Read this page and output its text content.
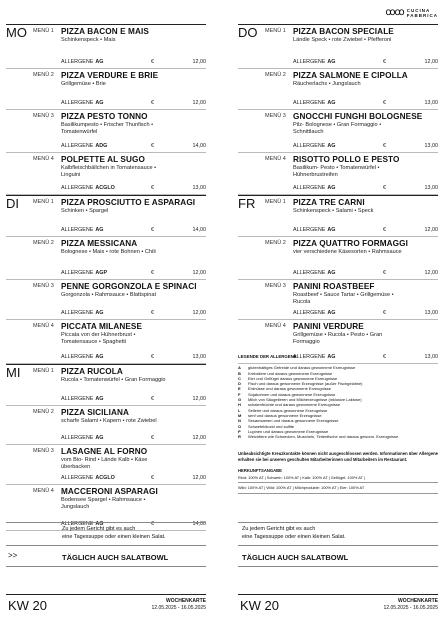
ꝏꝏ CUCINA
FABBRICA
MO MENÜ 1 PIZZA BACON E MAIS
Schinkenspeck • Mais
ALLERGENE AG	€	12,00
MENÜ 2 PIZZA VERDURE E BRIE
Grillgemüse • Brie
ALLERGENE AG	€	12,00
MENÜ 3 PIZZA PESTO TONNO
Basilikumpesto • Frischer Thunfisch • Tomatenwürfel
ALLERGENE ADG	€	14,00
MENÜ 4 POLPETTE AL SUGO
Kalbfleischbällchen in Tomatensauce • Linguini
ALLERGENE ACGLO	€	13,00
DI	MENÜ 1 PIZZA PROSCIUTTO E ASPARAGI
Schinken • Spargel
ALLERGENE AG	€	14,00
MENÜ 2 PIZZA MESSICANA
Bolognese • Mais • rote Bohnen • Chili
ALLERGENE AGP	€	12,00
MENÜ 3 PENNE GORGONZOLA E SPINACI
Gorgonzola • Rahmsauce • Blattspinat
ALLERGENE AG	€	12,00
MENÜ 4 PICCATA MILANESE
Piccata von der Hühnerbrust • Tomatensauce • Spaghetti
ALLERGENE AG	€	13,00
MI MENÜ 1 PIZZA RUCOLA
Rucola • Tomatenwürfel • Gran Formaggio
ALLERGENE AG	€	12,00
MENÜ 2 PIZZA SICILIANA
scharfe Salami • Kapern • rote Zwiebel
ALLERGENE AG	€	12,00
MENÜ 3 LASAGNE AL FORNO
vom Bio- Rind • Lände Kalb • Käse überbacken
ALLERGENE ACGLO	€	12,00
MENÜ 4 MACCERONI ASPARAGI
Bodensee Spargel • Rahmsauce • Jungslauch
ALLERGENE AG	€	14,00
DO MENÜ 1 PIZZA BACON SPECIALE
Ländle Speck • rote Zwiebel • Pfefferoni
ALLERGENE AG	€	12,00
MENÜ 2 PIZZA SALMONE E CIPOLLA
Räucherlachs • Jungslauch
ALLERGENE AG	€	13,00
MENÜ 3 GNOCCHI FUNGHI BOLOGNESE
Pilz- Bolognese • Gran Formaggio • Schnittlauch
ALLERGENE AG	€	13,00
MENÜ 4 RISOTTO POLLO E PESTO
Basilikum- Pesto • Tomatenwürfel • Hühnerbrustreifen
ALLERGENE AG	€	13,00
FR MENÜ 1 PIZZA TRE CARNI
Schinkenspeck • Salami • Speck
ALLERGENE AG	€	12,00
MENÜ 2 PIZZA QUATTRO FORMAGGI
vier verschiedene Käsesorten • Rahmsauce
ALLERGENE AG	€	12,00
MENÜ 3 PANINI ROASTBEEF
Roastbeef • Sauce Tartar • Grillgemüse • Rucola
ALLERGENE AG	€	13,00
MENÜ 4 PANINI VERDURE
Grillgemüse • Rucola • Pesto • Gran Formaggio
ALLERGENE AG	€	13,00
LEGENDE DER ALLERGENE
A	glutenhaltiges Getreide und daraus gewonnene Erzeugnisse
B	Krebstiere und daraus gewonnene Erzeugnisse
C	Eier und Geflügel daraus gewonnene Erzeugnisse
D	Fisch und daraus gewonnene Erzeugnisse (außer Fischgelatine)
E	Erdnüsse und daraus gewonnene Erzeugnisse
F	Sojabohnen und daraus gewonnene Erzeugnisse
G	Milch von Säugetieren und Milcherzeugnisse (inklusive Laktose)
H	schalenfrüchte und daraus gewonnene Erzeugnisse
L	Sellerie und daraus gewonnene Erzeugnisse
M	senf und daraus gewonnene Erzeugnisse
N	Sesamsamen und daraus gewonnene Erzeugnisse
O	Schwefeldioxid und sulfite
P	Lupinen und daraus gewonnene Erzeugnisse
R	Weichtiere wie Schnecken, Muscheln, Tintenfische und daraus gewonn. Erzeugnisse
Unbeabsichtigte Kreuzkontakte können nicht ausgeschlossen werden. Informationen über Allergene erhalten sie bei unseren geschulten Mitarbeiterinnen und Mitarbeitern im Restaurant.
HERKUNFTSANGABE
Rind: 100% AT | Schwein: 100% AT | Kalb: 100% AT | Geflügel: 100% AT |
Wild: 100% AT | Wild: 100% AT | Milchprodukte: 100% AT | Eier: 100% AT
Zu jedem Gericht gibt es auch
eine Tagessuppe oder einen kleinen Salat.
>>	TÄGLICH AUCH SALATBOWL
KW 20	WOCHENKARTE
12.05.2025 - 16.05.2025
Zu jedem Gericht gibt es auch
eine Tagessuppe oder einen kleinen Salat.
TÄGLICH AUCH SALATBOWL
KW 20	WOCHENKARTE
12.05.2025 - 16.05.2025
